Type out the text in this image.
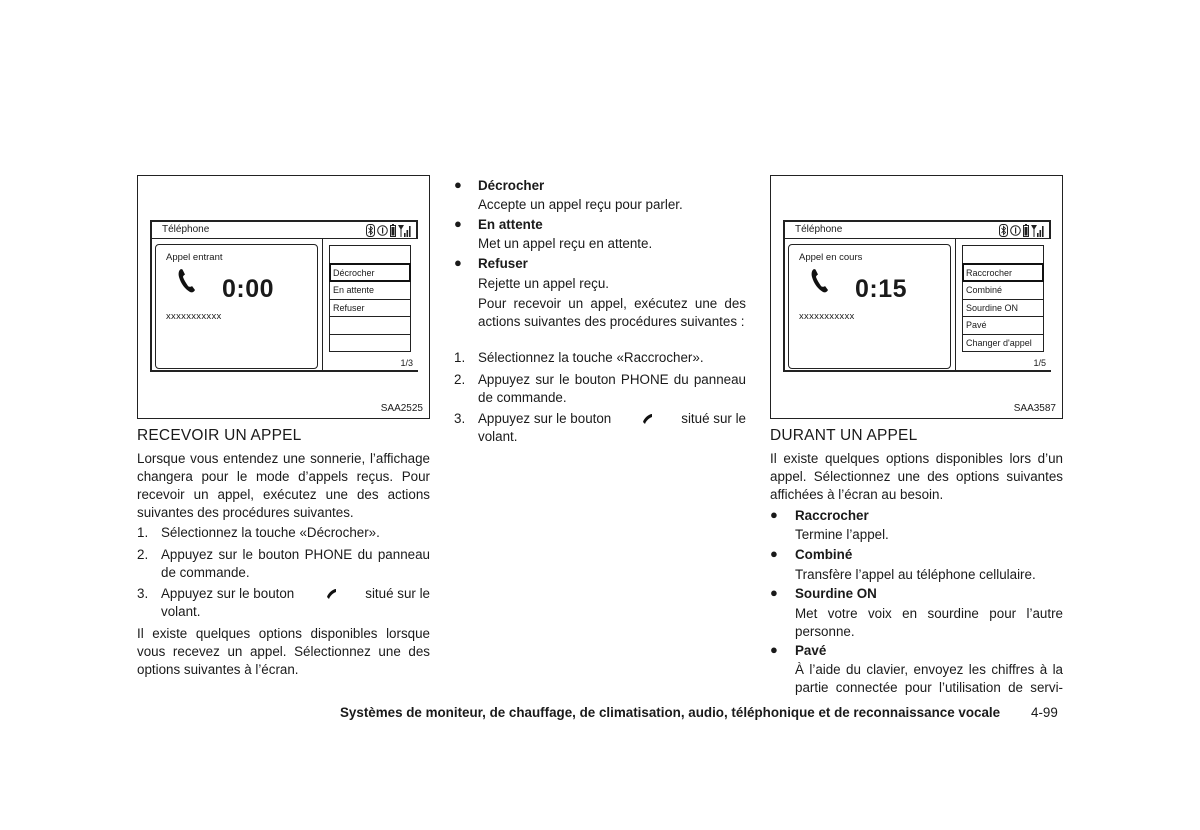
Téléphone
Appel entrant
0:00
xxxxxxxxxxx
Décrocher
En attente
Refuser
1/3
SAA2525
Téléphone
Appel en cours
0:15
xxxxxxxxxxx
Raccrocher
Combiné
Sourdine ON
Pavé
Changer d'appel
1/5
SAA3587
RECEVOIR UN APPEL
Lorsque vous entendez une sonnerie, l’affichage changera pour le mode d’appels reçus. Pour recevoir un appel, exécutez une des actions suivantes des procédures suivantes.
1. Sélectionnez la touche «Décrocher».
2. Appuyez sur le bouton PHONE du panneau de commande.
3. Appuyez sur le bouton	situé sur le
volant.
Il existe quelques options disponibles lorsque vous recevez un appel. Sélectionnez une des options suivantes à l’écran.
● Décrocher
Accepte un appel reçu pour parler.
● En attente
Met un appel reçu en attente.
● Refuser
Rejette un appel reçu.
Pour recevoir un appel, exécutez une des actions suivantes des procédures suivantes :
1. Sélectionnez la touche «Raccrocher».
2. Appuyez sur le bouton PHONE du panneau de commande.
3. Appuyez sur le bouton	situé sur le
volant.	DURANT UN APPEL
Il existe quelques options disponibles lors d’un appel. Sélectionnez une des options suivantes affichées à l’écran au besoin.
● Raccrocher
Termine l’appel.
● Combiné
Transfère l’appel au téléphone cellulaire.
● Sourdine ON
Met votre voix en sourdine pour l’autre personne.
● Pavé
À l’aide du clavier, envoyez les chiffres à la partie connectée pour l’utilisation de servi-
Systèmes de moniteur, de chauffage, de climatisation, audio, téléphonique et de reconnaissance vocale 4-99
